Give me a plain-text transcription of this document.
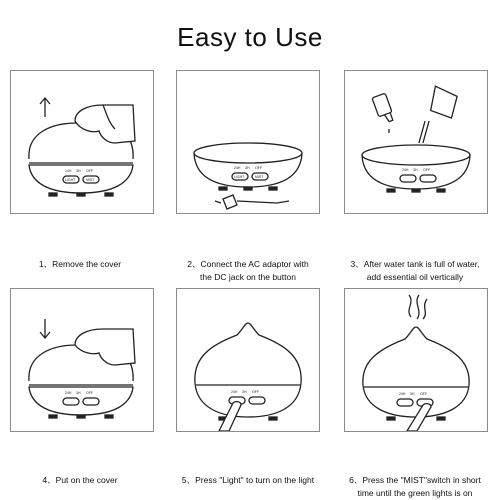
Easy to Use
24H 3H OFF
LIGHT	MIST
1、Remove the cover
24H 3H OFF
LIGHT	MIST
2、Connect the AC adaptor with
the DC jack on the button
24H 3H OFF
3、After water tank is full of water,
add essential oil vertically
24H 3H OFF
4、Put on the cover
24H 3H OFF
5、Press "Light" to turn on the light
24H 3H OFF
6、Press the "MIST"switch in short
time until the green lights is on
